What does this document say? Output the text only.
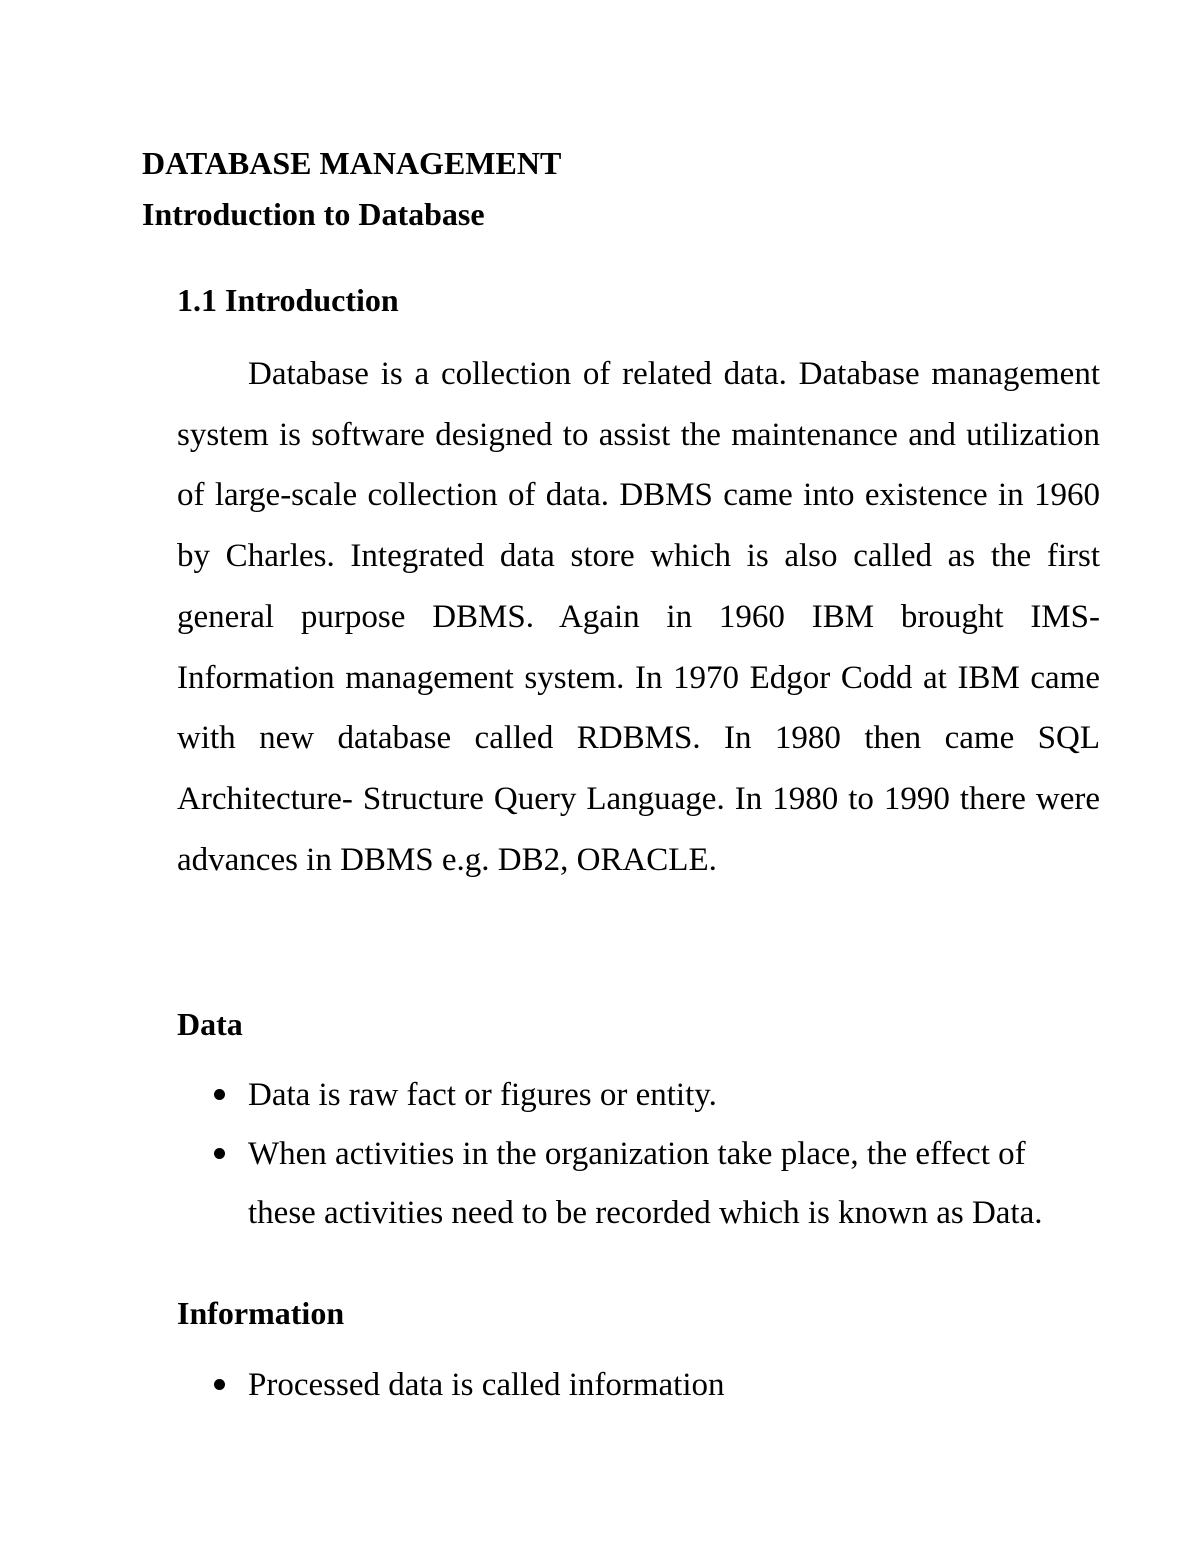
DATABASE MANAGEMENT
Introduction to Database
1.1 Introduction

Database is a collection of related data. Database management system is software designed to assist the maintenance and utilization of large-scale collection of data. DBMS came into existence in 1960 by Charles. Integrated data store which is also called as the first general purpose DBMS. Again in 1960 IBM brought IMS-Information management system. In 1970 Edgor Codd at IBM came with new database called RDBMS. In 1980 then came SQL Architecture- Structure Query Language. In 1980 to 1990 there were advances in DBMS e.g. DB2, ORACLE.

Data
Data is raw fact or figures or entity.
When activities in the organization take place, the effect of these activities need to be recorded which is known as Data.
Information
Processed data is called information
